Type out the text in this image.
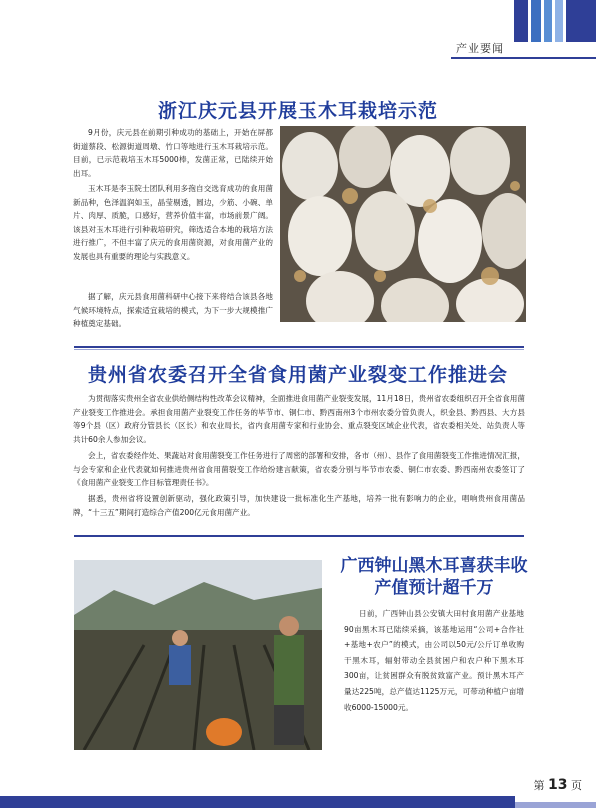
产业要闻
浙江庆元县开展玉木耳栽培示范

9月份，庆元县在前期引种成功的基础上，开始在屏都街道蔡段、松源街道周墩、竹口等地进行玉木耳栽培示范。目前，已示范栽培玉木耳5000棒，发菌正常，已陆续开始出耳。

玉木耳是李玉院士团队利用多孢自交选育成功的食用菌新品种，色泽温润如玉，晶莹剔透，圆边，少筋、小碗、单片、肉厚、质脆，口感好，营养价值丰富，市场前景广阔。该县对玉木耳进行引种栽培研究，筛选适合本地的栽培方法进行推广，不但丰富了庆元的食用菌资源，对食用菌产业的发展也具有重要的理论与实践意义。

据了解，庆元县食用菌科研中心接下来将结合该县各地气候环境特点，探索适宜栽培的模式，为下一步大规模推广种植奠定基础。

贵州省农委召开全省食用菌产业裂变工作推进会

为贯彻落实贵州全省农业供给侧结构性改革会议精神，全面推进食用菌产业裂变发展，11月18日，贵州省农委组织召开全省食用菌产业裂变工作推进会。承担食用菌产业裂变工作任务的毕节市、铜仁市、黔西南州3个市州农委分管负责人，织金县、黔西县、大方县等9个县（区）政府分管县长（区长）和农业局长，省内食用菌专家和行业协会、重点裂变区域企业代表，省农委相关处、站负责人等共计60余人参加会议。

会上，省农委经作处、果蔬站对食用菌裂变工作任务进行了周密的部署和安排，各市（州）、县作了食用菌裂变工作推进情况汇报，与会专家和企业代表就如何推进贵州省食用菌裂变工作给纷建言献策，省农委分别与毕节市农委、铜仁市农委、黔西南州农委签订了《食用菌产业裂变工作目标管理责任书》。

据悉，贵州省将设置创新驱动，强化政策引导，加快建设一批标准化生产基地，培养一批有影响力的企业，唱响贵州食用菌品牌，“十三五”期间打造综合产值200亿元食用菌产业。

广西钟山黑木耳喜获丰收
产值预计超千万

日前，广西钟山县公安镇大田村食用菌产业基地90亩黑木耳已陆续采摘，该基地运用“公司+合作社+基地+农户”的模式，由公司以50元/公斤订单收购干黑木耳，辐射带动全县贫困户和农户种下黑木耳300亩，让贫困群众有脱贫致富产业。预计黑木耳产量达225吨，总产值达1125万元，可带动种植户亩增收6000-15000元。

第 13 页
